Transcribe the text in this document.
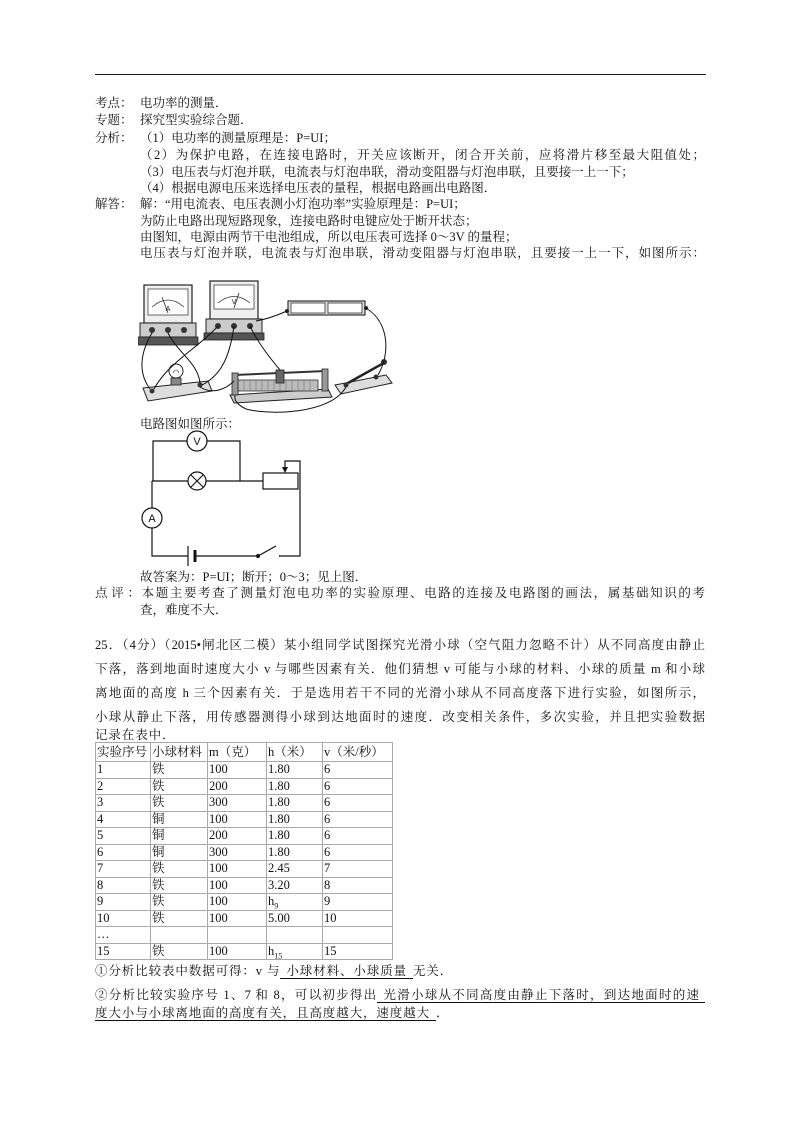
考点： 电功率的测量．
专题： 探究型实验综合题．
分析： （1）电功率的测量原理是：P=UI；
（2）为保护电路，在连接电路时，开关应该断开，闭合开关前，应将滑片移至最大阻值处；
（3）电压表与灯泡并联，电流表与灯泡串联，滑动变阻器与灯泡串联，且要接一上一下；
（4）根据电源电压来选择电压表的量程，根据电路画出电路图．
解答： 解：“用电流表、电压表测小灯泡功率”实验原理是：P=UI；
为防止电路出现短路现象，连接电路时电键应处于断开状态；
由图知，电源由两节干电池组成，所以电压表可选择 0～3V 的量程；
电压表与灯泡并联，电流表与灯泡串联，滑动变阻器与灯泡串联，且要接一上一下，如图所示：
A
V
电路图如图所示：
V
A
故答案为：P=UI；断开；0～3；见上图．
点评：本题主要考查了测量灯泡电功率的实验原理、电路的连接及电路图的画法，属基础知识的考
查，难度不大．
25．（4分）（2015•闸北区二模）某小组同学试图探究光滑小球（空气阻力忽略不计）从不同高度由静止
下落，落到地面时速度大小 v 与哪些因素有关．他们猜想 v 可能与小球的材料、小球的质量 m 和小球
离地面的高度 h 三个因素有关．于是选用若干不同的光滑小球从不同高度落下进行实验，如图所示，
小球从静止下落，用传感器测得小球到达地面时的速度．改变相关条件，多次实验，并且把实验数据
记录在表中．
实验序号	小球材料	m（克）	h（米）	v（米/秒）
1	铁	100	1.80	6
2	铁	200	1.80	6
3	铁	300	1.80	6
4	铜	100	1.80	6
5	铜	200	1.80	6
6	铜	300	1.80	6
7	铁	100	2.45	7
8	铁	100	3.20	8
9	铁	100	$h_9$	9
10	铁	100	5.00	10
…				
15	铁	100	$h_{15}$	15
①分析比较表中数据可得：v 与 小球材料、小球质量 无关．
②分析比较实验序号 1、7 和 8，可以初步得出 光滑小球从不同高度由静止下落时，到达地面时的速
度大小与小球离地面的高度有关，且高度越大，速度越大 ．
